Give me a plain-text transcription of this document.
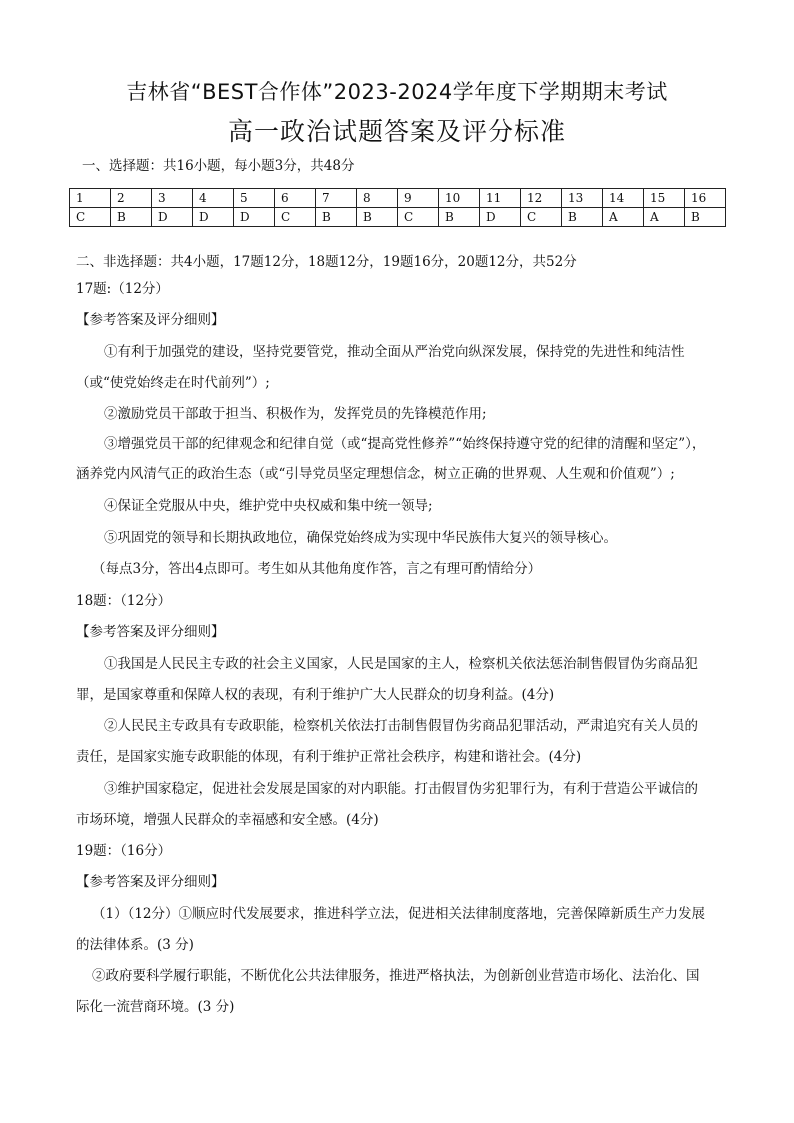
吉林省“BEST合作体”2023-2024学年度下学期期末考试
高一政治试题答案及评分标准
一、选择题：共16小题，每小题3分，共48分
1	2	3	4	5	6	7	8	9	10	11	12	13	14	15	16
C	B	D	D	D	C	B	B	C	B	D	C	B	A	A	B
二、非选择题：共4小题，17题12分，18题12分，19题16分，20题12分，共52分
17题:（12分）
【参考答案及评分细则】
①有利于加强党的建设，坚持党要管党，推动全面从严治党向纵深发展，保持党的先进性和纯洁性
（或“使党始终走在时代前列”）;
②激励党员干部敢于担当、积极作为，发挥党员的先锋模范作用;
③增强党员干部的纪律观念和纪律自觉（或“提高党性修养”“始终保持遵守党的纪律的清醒和坚定”），
涵养党内风清气正的政治生态（或“引导党员坚定理想信念，树立正确的世界观、人生观和价值观”）;
④保证全党服从中央，维护党中央权威和集中统一领导;
⑤巩固党的领导和长期执政地位，确保党始终成为实现中华民族伟大复兴的领导核心。
（每点3分，答出4点即可。考生如从其他角度作答，言之有理可酌情给分）
18题：（12分）
【参考答案及评分细则】
①我国是人民民主专政的社会主义国家，人民是国家的主人，检察机关依法惩治制售假冒伪劣商品犯
罪，是国家尊重和保障人权的表现，有利于维护广大人民群众的切身利益。(4分)
②人民民主专政具有专政职能，检察机关依法打击制售假冒伪劣商品犯罪活动，严肃追究有关人员的
责任，是国家实施专政职能的体现，有利于维护正常社会秩序，构建和谐社会。(4分)
③维护国家稳定，促进社会发展是国家的对内职能。打击假冒伪劣犯罪行为，有利于营造公平诚信的
市场环境，增强人民群众的幸福感和安全感。(4分)
19题：（16分）
【参考答案及评分细则】
（1）（12分）①顺应时代发展要求，推进科学立法，促进相关法律制度落地，完善保障新质生产力发展
的法律体系。(3 分)
②政府要科学履行职能，不断优化公共法律服务，推进严格执法，为创新创业营造市场化、法治化、国
际化一流营商环境。(3 分)
